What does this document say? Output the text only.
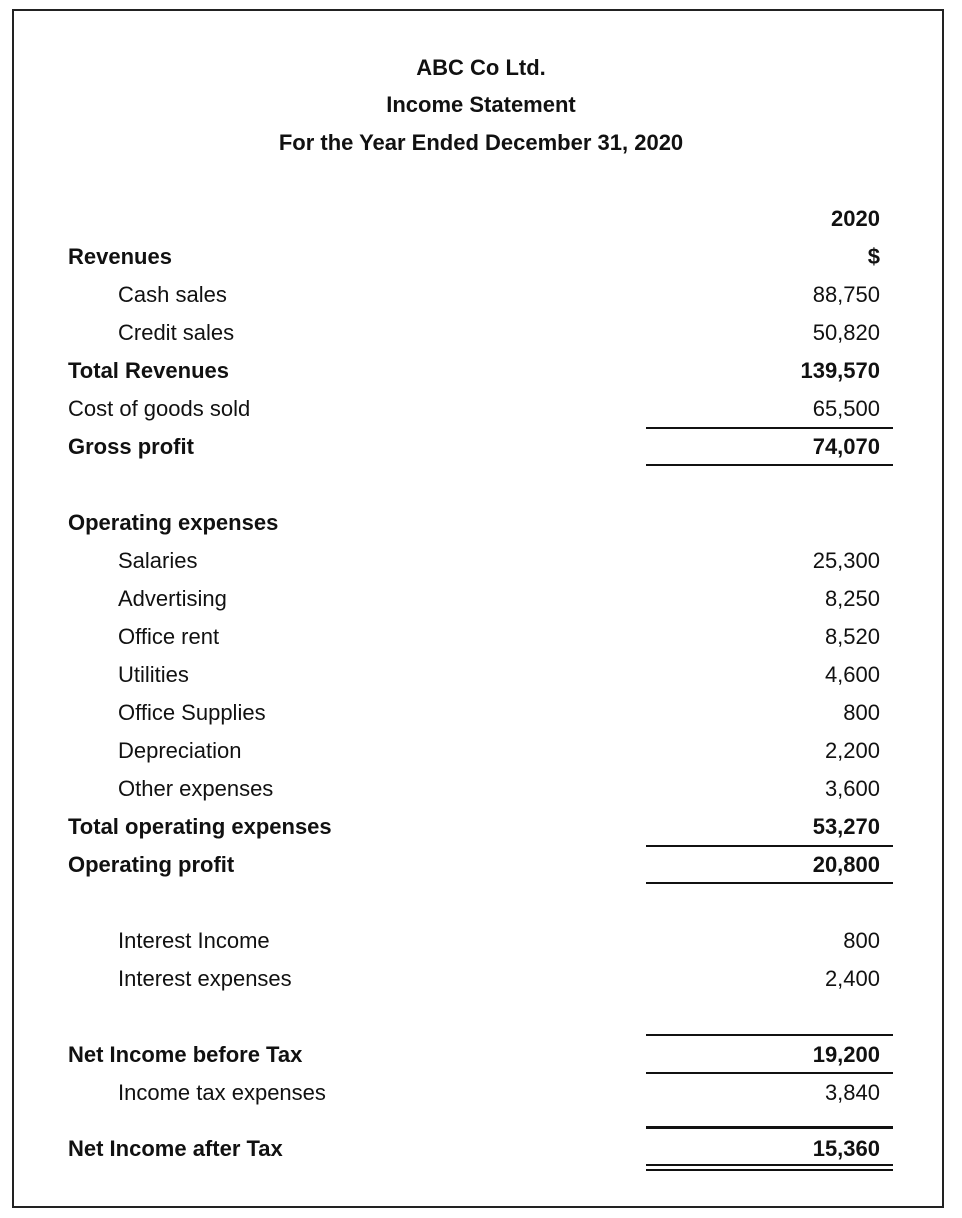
ABC Co Ltd.
Income Statement
For the Year Ended December 31, 2020
2020
Revenues	$
Cash sales	88,750
Credit sales	50,820
Total Revenues	139,570
Cost of goods sold	65,500
Gross profit	74,070
Operating expenses
Salaries	25,300
Advertising	8,250
Office rent	8,520
Utilities	4,600
Office Supplies	800
Depreciation	2,200
Other expenses	3,600
Total operating expenses	53,270
Operating profit	20,800
Interest Income	800
Interest expenses	2,400
Net Income before Tax	19,200
Income tax expenses	3,840
Net Income after Tax	15,360
